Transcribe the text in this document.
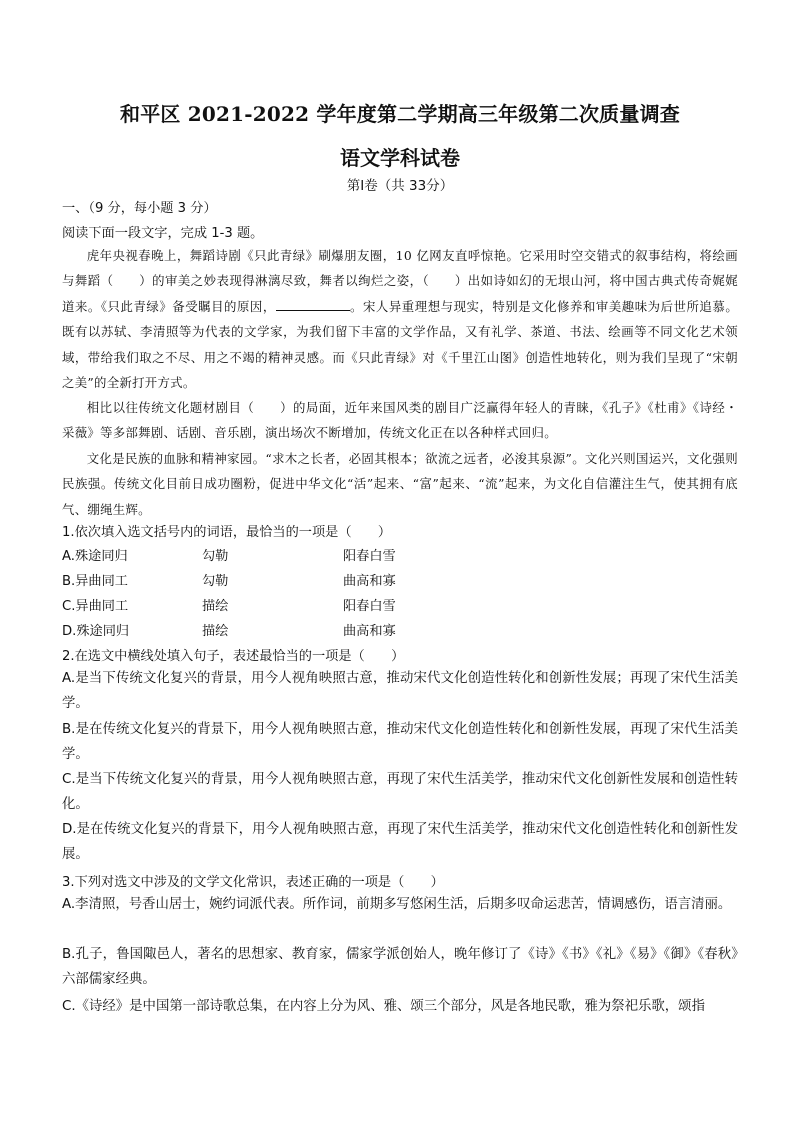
和平区 2021-2022 学年度第二学期高三年级第二次质量调查
语文学科试卷
第Ⅰ卷（共 33分）
一、（9 分，每小题 3 分）
阅读下面一段文字，完成 1-3 题。
虎年央视春晚上，舞蹈诗剧《只此青绿》刷爆朋友圈，10 亿网友直呼惊艳。它采用时空交错式的叙事结构，将绘画与舞蹈（　　）的审美之妙表现得淋漓尽致，舞者以绚烂之姿，（　　）出如诗如幻的无垠山河，将中国古典式传奇娓娓道来。《只此青绿》备受瞩目的原因，	。宋人异重理想与现实，特别是文化修养和审美趣味为后世所追慕。既有以苏轼、李清照等为代表的文学家，为我们留下丰富的文学作品，又有礼学、茶道、书法、绘画等不同文化艺术领域，带给我们取之不尽、用之不竭的精神灵感。而《只此青绿》对《千里江山图》创造性地转化，则为我们呈现了“宋朝之美”的全新打开方式。
相比以往传统文化题材剧目（　　）的局面，近年来国风类的剧目广泛赢得年轻人的青睐，《孔子》《杜甫》《诗经・采薇》等多部舞剧、话剧、音乐剧，演出场次不断增加，传统文化正在以各种样式回归。
文化是民族的血脉和精神家园。“求木之长者，必固其根本；欲流之远者，必浚其泉源”。文化兴则国运兴，文化强则民族强。传统文化目前日成功圈粉，促进中华文化“活”起来、“富”起来、“流”起来，为文化自信灌注生气，使其拥有底气、绷绳生辉。
1.依次填入选文括号内的词语，最恰当的一项是（　　）
A.殊途同归	勾勒	阳春白雪
B.异曲同工	勾勒	曲高和寡
C.异曲同工	描绘	阳春白雪
D.殊途同归	描绘	曲高和寡
2.在选文中横线处填入句子，表述最恰当的一项是（　　）
A.是当下传统文化复兴的背景，用今人视角映照古意，推动宋代文化创造性转化和创新性发展；再现了宋代生活美学。
B.是在传统文化复兴的背景下，用今人视角映照古意，推动宋代文化创造性转化和创新性发展，再现了宋代生活美学。
C.是当下传统文化复兴的背景，用今人视角映照古意，再现了宋代生活美学，推动宋代文化创新性发展和创造性转化。
D.是在传统文化复兴的背景下，用今人视角映照古意，再现了宋代生活美学，推动宋代文化创造性转化和创新性发展。
3.下列对选文中涉及的文学文化常识，表述正确的一项是（　　）
A.李清照，号香山居士，婉约词派代表。所作词，前期多写悠闲生活，后期多叹命运悲苦，情调感伤，语言清丽。
B.孔子，鲁国陬邑人，著名的思想家、教育家，儒家学派创始人，晚年修订了《诗》《书》《礼》《易》《御》《春秋》六部儒家经典。
C.《诗经》是中国第一部诗歌总集，在内容上分为风、雅、颂三个部分，风是各地民歌，雅为祭祀乐歌，颂指
